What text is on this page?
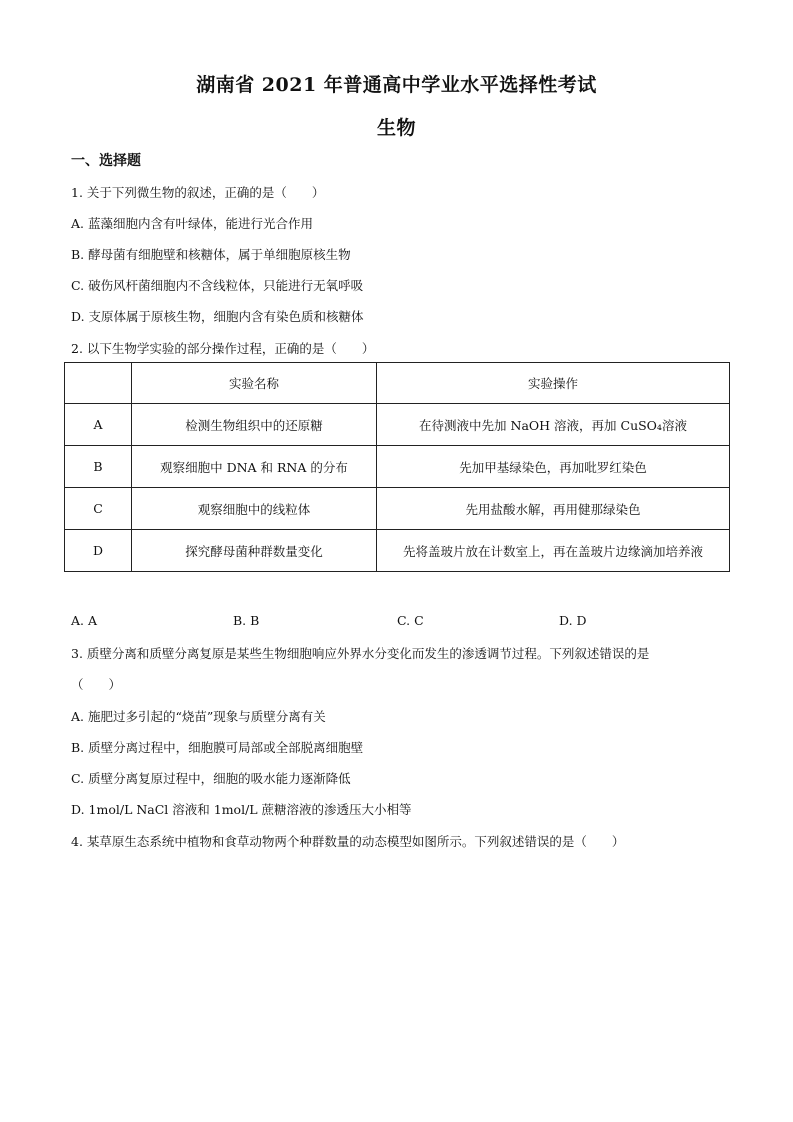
湖南省 2021 年普通高中学业水平选择性考试
生物
一、选择题
1. 关于下列微生物的叙述，正确的是（　　）
A. 蓝藻细胞内含有叶绿体，能进行光合作用
B. 酵母菌有细胞壁和核糖体，属于单细胞原核生物
C. 破伤风杆菌细胞内不含线粒体，只能进行无氧呼吸
D. 支原体属于原核生物，细胞内含有染色质和核糖体
2. 以下生物学实验的部分操作过程，正确的是（　　）
	实验名称	实验操作
A	检测生物组织中的还原糖	在待测液中先加 NaOH 溶液，再加 CuSO₄溶液
B	观察细胞中 DNA 和 RNA 的分布	先加甲基绿染色，再加吡罗红染色
C	观察细胞中的线粒体	先用盐酸水解，再用健那绿染色
D	探究酵母菌种群数量变化	先将盖玻片放在计数室上，再在盖玻片边缘滴加培养液
A. A	B. B	C. C	D. D
3. 质壁分离和质壁分离复原是某些生物细胞响应外界水分变化而发生的渗透调节过程。下列叙述错误的是
（　　）
A. 施肥过多引起的“烧苗”现象与质壁分离有关
B. 质壁分离过程中，细胞膜可局部或全部脱离细胞壁
C. 质壁分离复原过程中，细胞的吸水能力逐渐降低
D. 1mol/L NaCl 溶液和 1mol/L 蔗糖溶液的渗透压大小相等
4. 某草原生态系统中植物和食草动物两个种群数量的动态模型如图所示。下列叙述错误的是（　　）
